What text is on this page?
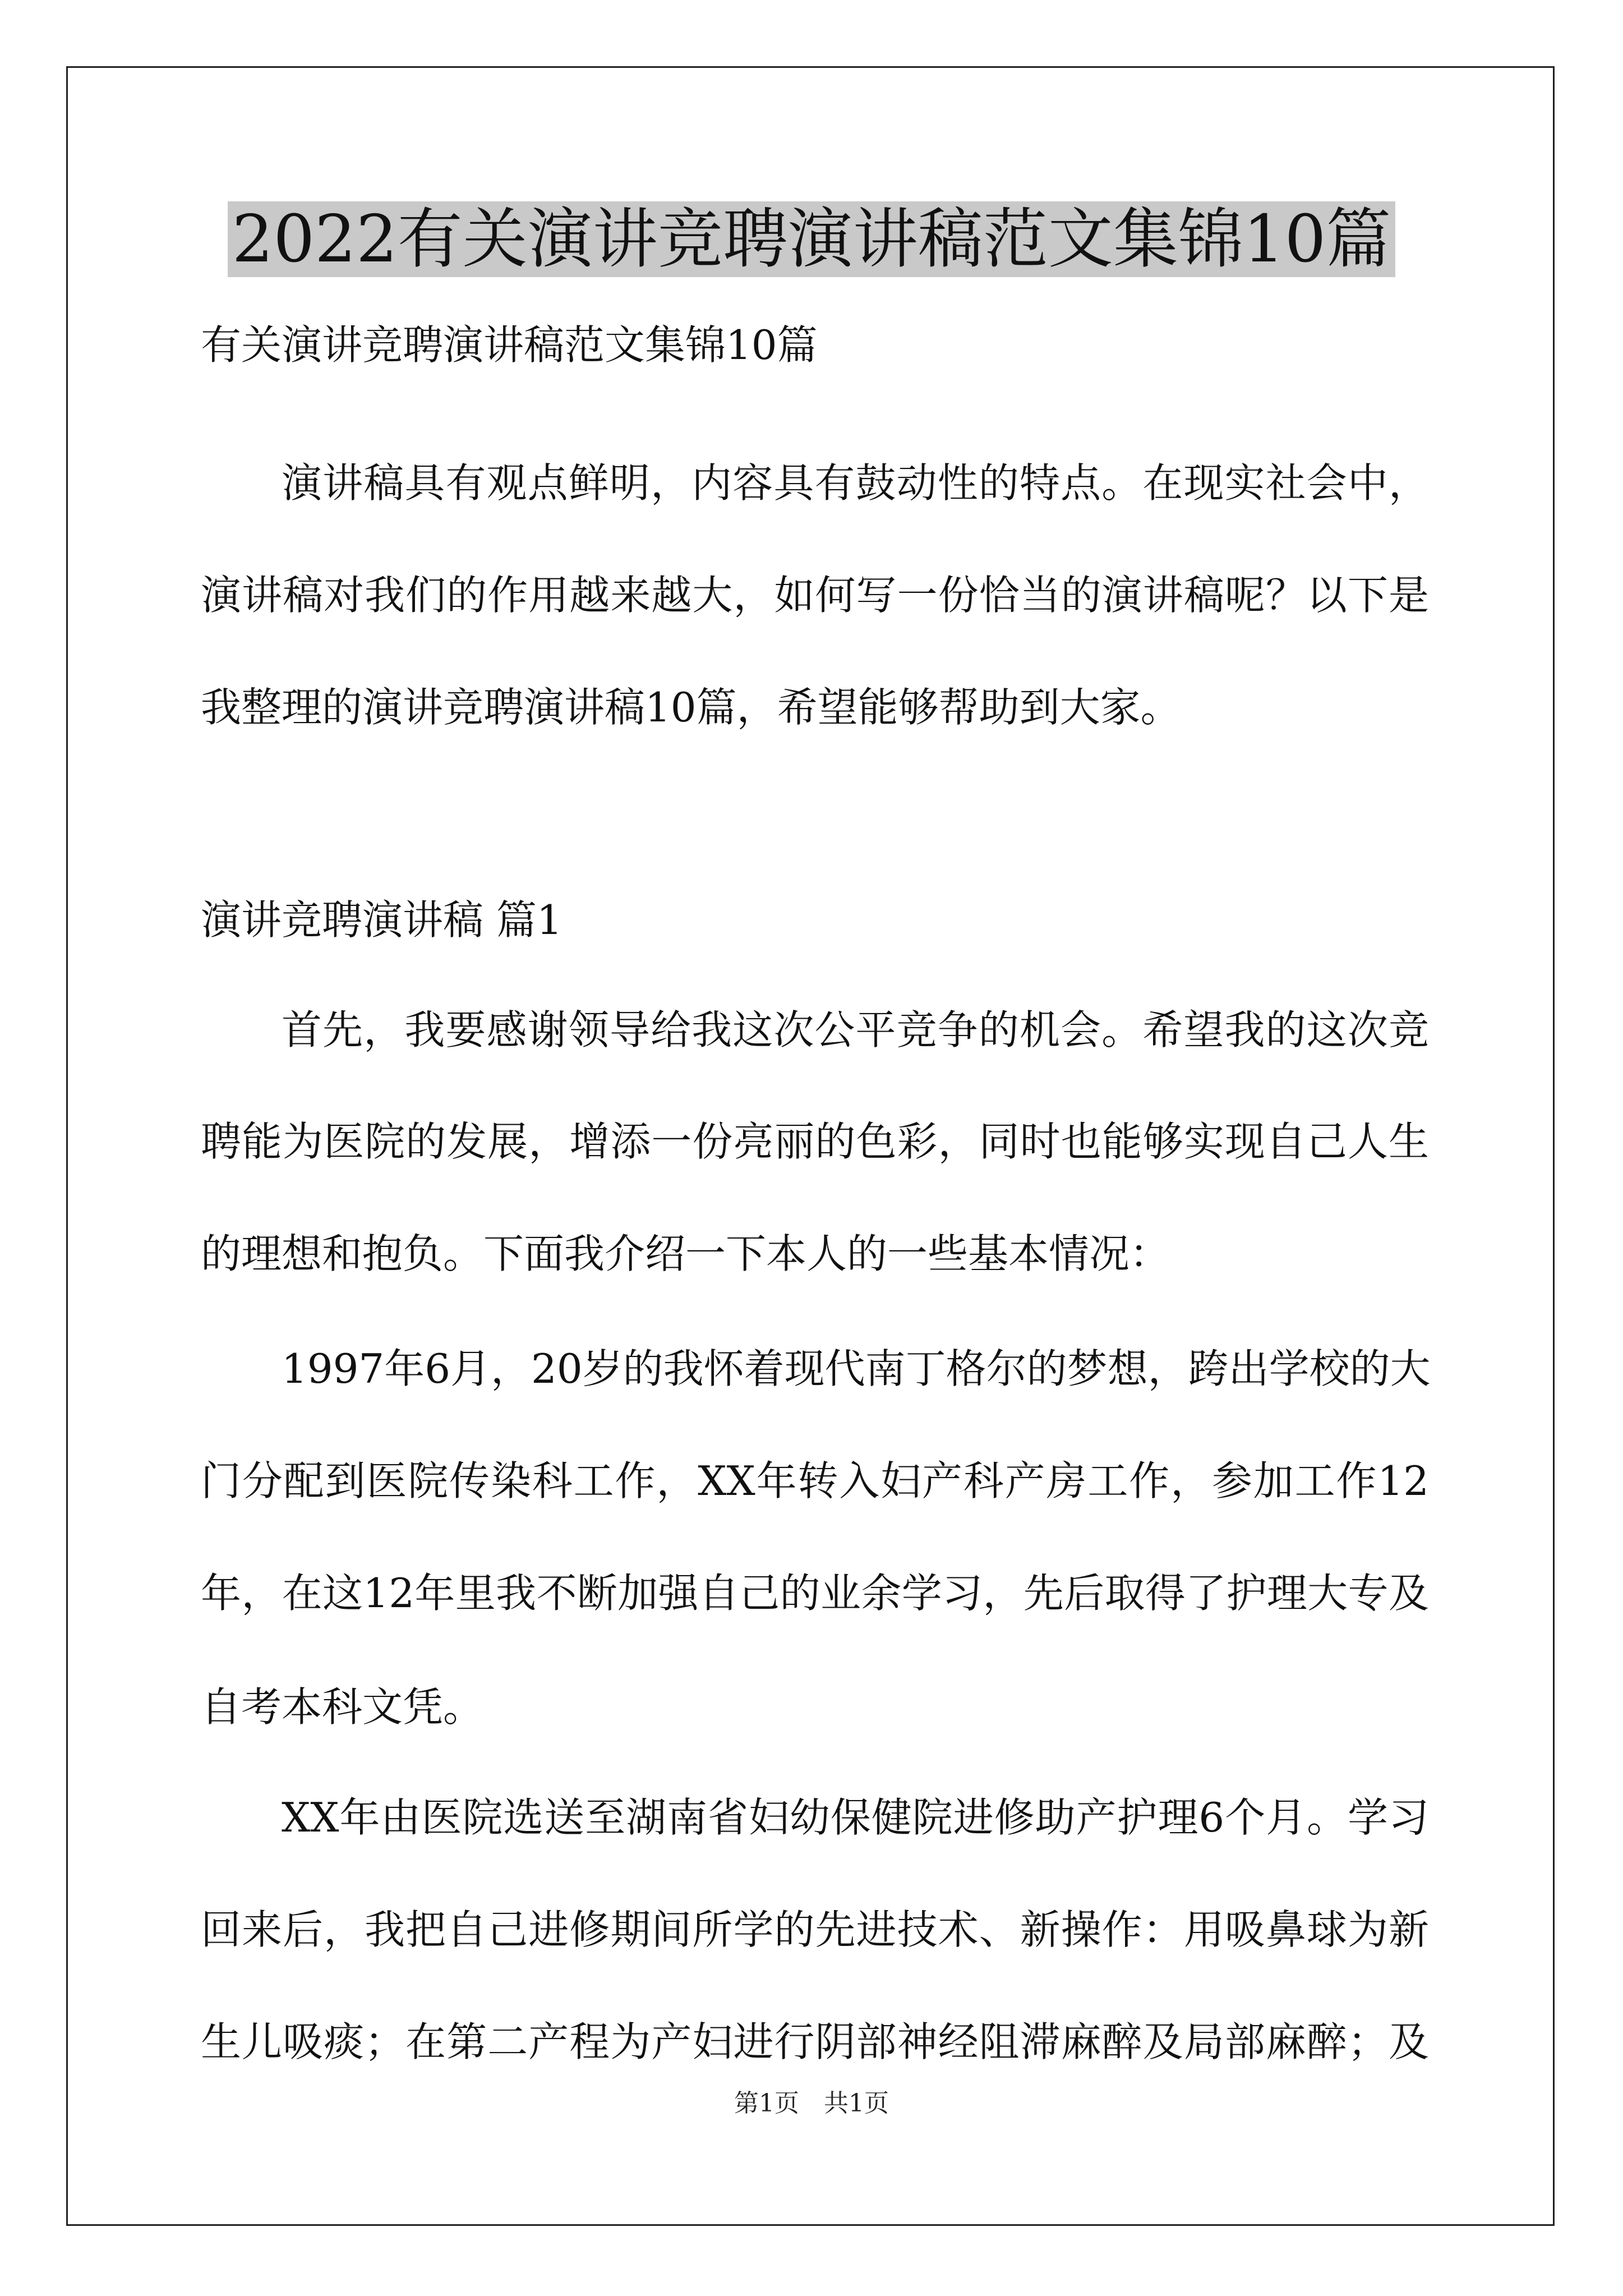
2022有关演讲竞聘演讲稿范文集锦10篇
有关演讲竞聘演讲稿范文集锦10篇
演讲稿具有观点鲜明，内容具有鼓动性的特点。在现实社会中，
演讲稿对我们的作用越来越大，如何写一份恰当的演讲稿呢？以下是
我整理的演讲竞聘演讲稿10篇，希望能够帮助到大家。
演讲竞聘演讲稿 篇1
首先，我要感谢领导给我这次公平竞争的机会。希望我的这次竞
聘能为医院的发展，增添一份亮丽的色彩，同时也能够实现自己人生
的理想和抱负。下面我介绍一下本人的一些基本情况：
1997年6月，20岁的我怀着现代南丁格尔的梦想，跨出学校的大
门分配到医院传染科工作，XX年转入妇产科产房工作，参加工作12
年，在这12年里我不断加强自己的业余学习，先后取得了护理大专及
自考本科文凭。
XX年由医院选送至湖南省妇幼保健院进修助产护理6个月。学习
回来后，我把自己进修期间所学的先进技术、新操作：用吸鼻球为新
生儿吸痰；在第二产程为产妇进行阴部神经阻滞麻醉及局部麻醉；及
第1页　共1页
